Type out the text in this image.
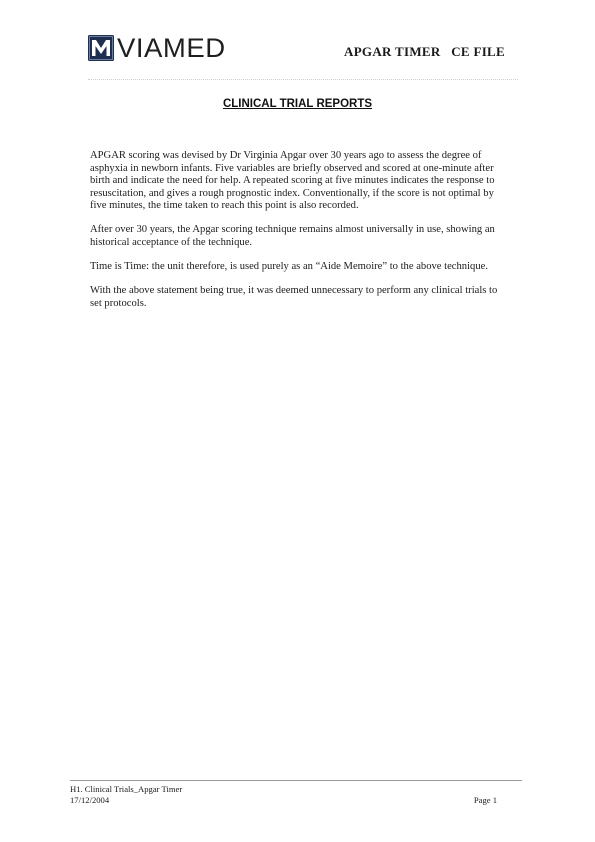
VIAMED	APGAR TIMER   CE FILE
CLINICAL TRIAL REPORTS

APGAR scoring was devised by Dr Virginia Apgar over 30 years ago to assess the degree of asphyxia in newborn infants. Five variables are briefly observed and scored at one-minute after birth and indicate the need for help. A repeated scoring at five minutes indicates the response to resuscitation, and gives a rough prognostic index. Conventionally, if the score is not optimal by five minutes, the time taken to reach this point is also recorded.

After over 30 years, the Apgar scoring technique remains almost universally in use, showing an historical acceptance of the technique.

Time is Time: the unit therefore, is used purely as an “Aide Memoire” to the above technique.

With the above statement being true, it was deemed unnecessary to perform any clinical trials to set protocols.

H1. Clinical Trials_Apgar Timer
17/12/2004	Page 1
